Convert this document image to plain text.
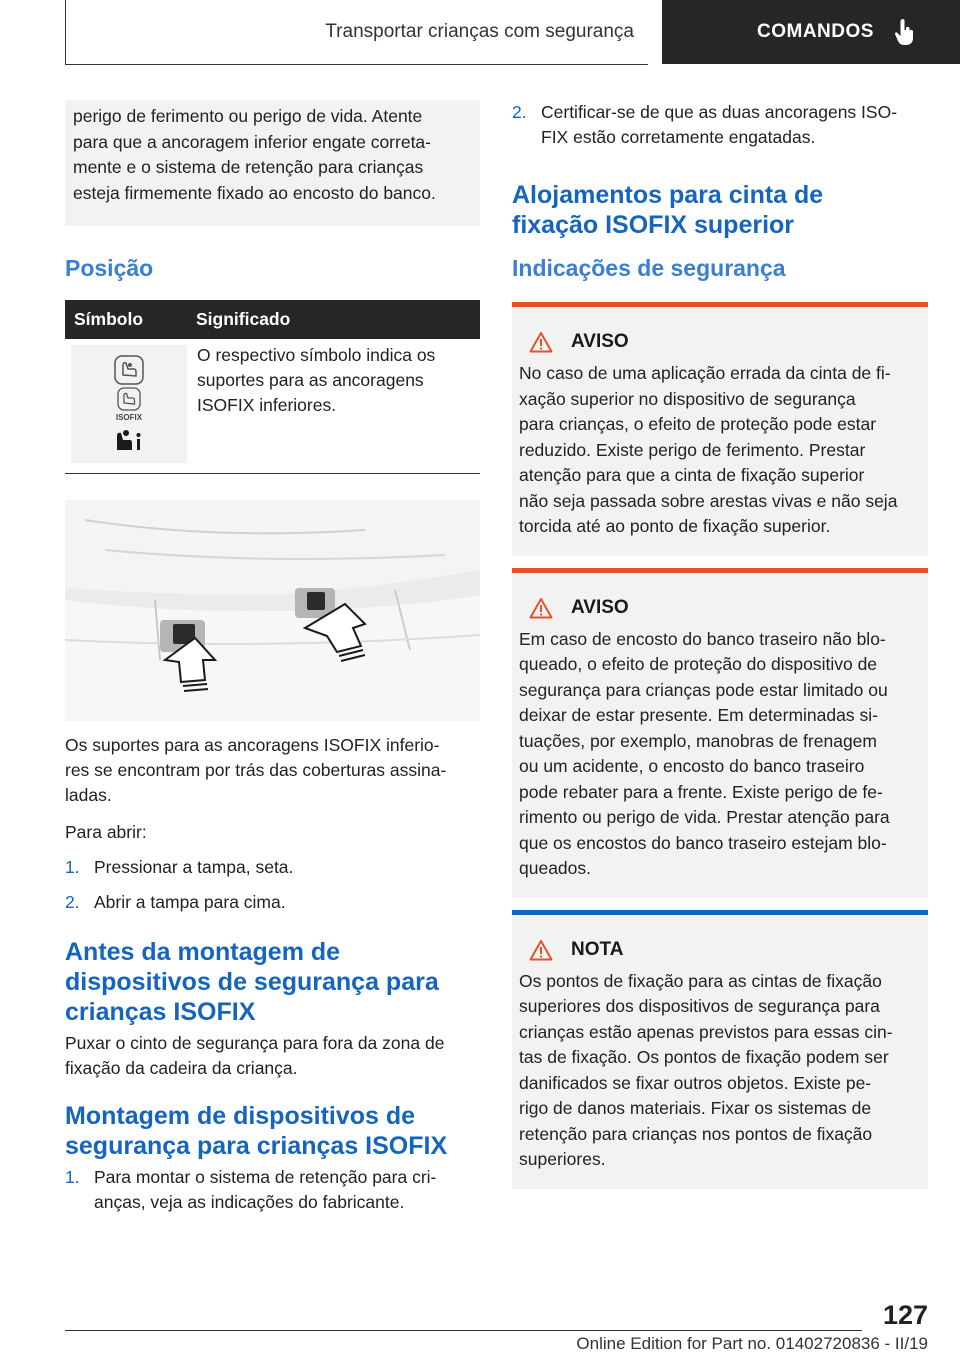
Transportar crianças com segurança	COMANDOS

perigo de ferimento ou perigo de vida. Atente

para que a ancoragem inferior engate correta‐

mente e o sistema de retenção para crianças

esteja firmemente fixado ao encosto do banco.

Posição
Símbolo	Significado
ISOFIX

O respectivo símbolo indica os

suportes para as ancoragens

ISOFIX inferiores.

Os suportes para as ancoragens ISOFIX inferio‐

res se encontram por trás das coberturas assina‐

ladas.

Para abrir:

1. Pressionar a tampa, seta.
2. Abrir a tampa para cima.
Antes da montagem de
dispositivos de segurança para
crianças ISOFIX

Puxar o cinto de segurança para fora da zona de

fixação da cadeira da criança.

Montagem de dispositivos de
segurança para crianças ISOFIX
1. Para montar o sistema de retenção para cri‐
anças, veja as indicações do fabricante.
2. Certificar-se de que as duas ancoragens ISO‐
FIX estão corretamente engatadas.
Alojamentos para cinta de
fixação ISOFIX superior
Indicações de segurança
AVISO

No caso de uma aplicação errada da cinta de fi‐

xação superior no dispositivo de segurança

para crianças, o efeito de proteção pode estar

reduzido. Existe perigo de ferimento. Prestar

atenção para que a cinta de fixação superior

não seja passada sobre arestas vivas e não seja

torcida até ao ponto de fixação superior.

AVISO

Em caso de encosto do banco traseiro não blo‐

queado, o efeito de proteção do dispositivo de

segurança para crianças pode estar limitado ou

deixar de estar presente. Em determinadas si‐

tuações, por exemplo, manobras de frenagem

ou um acidente, o encosto do banco traseiro

pode rebater para a frente. Existe perigo de fe‐

rimento ou perigo de vida. Prestar atenção para

que os encostos do banco traseiro estejam blo‐

queados.

NOTA

Os pontos de fixação para as cintas de fixação

superiores dos dispositivos de segurança para

crianças estão apenas previstos para essas cin‐

tas de fixação. Os pontos de fixação podem ser

danificados se fixar outros objetos. Existe pe‐

rigo de danos materiais. Fixar os sistemas de

retenção para crianças nos pontos de fixação

superiores.

127
Online Edition for Part no. 01402720836 - II/19
